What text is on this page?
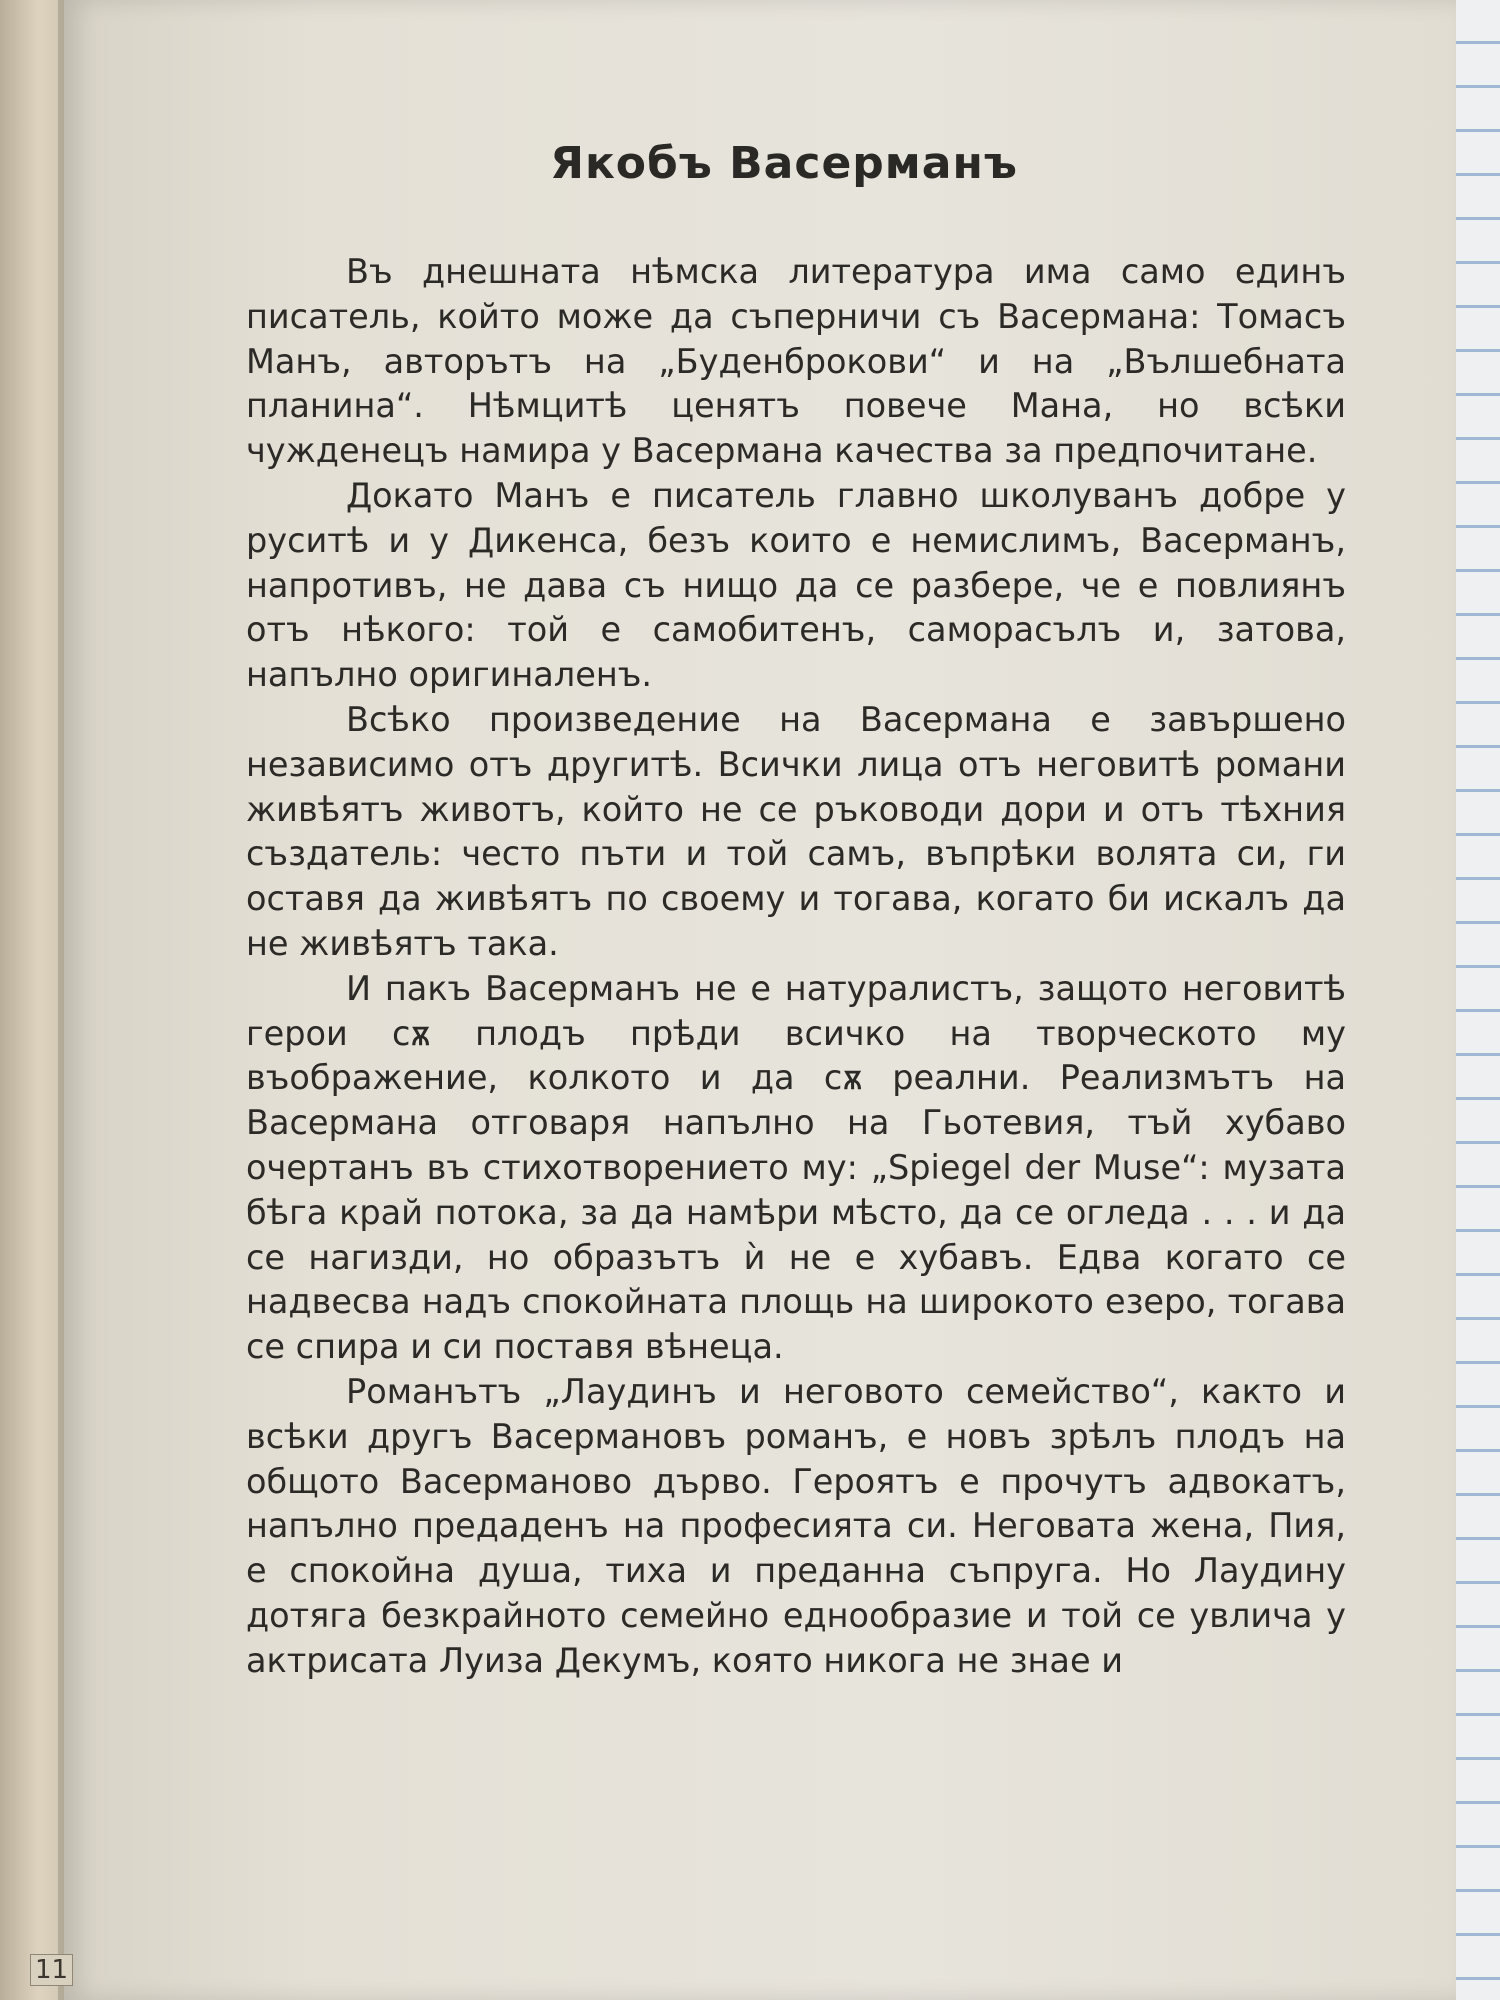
Якобъ Васерманъ

Въ днешната нѣмска литература има само единъ писатель, който може да съперничи съ Васермана: Томасъ Манъ, авторътъ на „Буденброкови“ и на „Вълшебната планина“. Нѣмцитѣ ценятъ повече Мана, но всѣки чужденецъ намира у Васермана качества за предпочитане.

Докато Манъ е писатель главно школуванъ добре у руситѣ и у Дикенса, безъ които е немислимъ, Васерманъ, напротивъ, не дава съ нищо да се разбере, че е повлиянъ отъ нѣкого: той е самобитенъ, саморасълъ и, затова, напълно оригиналенъ.

Всѣко произведение на Васермана е завършено независимо отъ другитѣ. Всички лица отъ неговитѣ романи живѣятъ животъ, който не се ръководи дори и отъ тѣхния създатель: често пъти и той самъ, въпрѣки волята си, ги оставя да живѣятъ по своему и тогава, когато би искалъ да не живѣятъ така.

И пакъ Васерманъ не е натуралистъ, защото неговитѣ герои сѫ плодъ прѣди всичко на творческото му въображение, колкото и да сѫ реални. Реализмътъ на Васермана отговаря напълно на Гьотевия, тъй хубаво очертанъ въ стихотворението му: „Spiegel der Muse“: музата бѣга край потока, за да намѣри мѣсто, да се огледа . . . и да се нагизди, но образътъ ѝ не е хубавъ. Едва когато се надвесва надъ спокойната площь на широкото езеро, тогава се спира и си поставя вѣнеца.

Романътъ „Лаудинъ и неговото семейство“, както и всѣки другъ Васермановъ романъ, е новъ зрѣлъ плодъ на общото Васерманово дърво. Героятъ е прочутъ адвокатъ, напълно предаденъ на професията си. Неговата жена, Пия, е спокойна душа, тиха и преданна съпруга. Но Лаудину дотяга безкрайното семейно еднообразие и той се увлича у актрисата Луиза Декумъ, която никога не знае и

11
